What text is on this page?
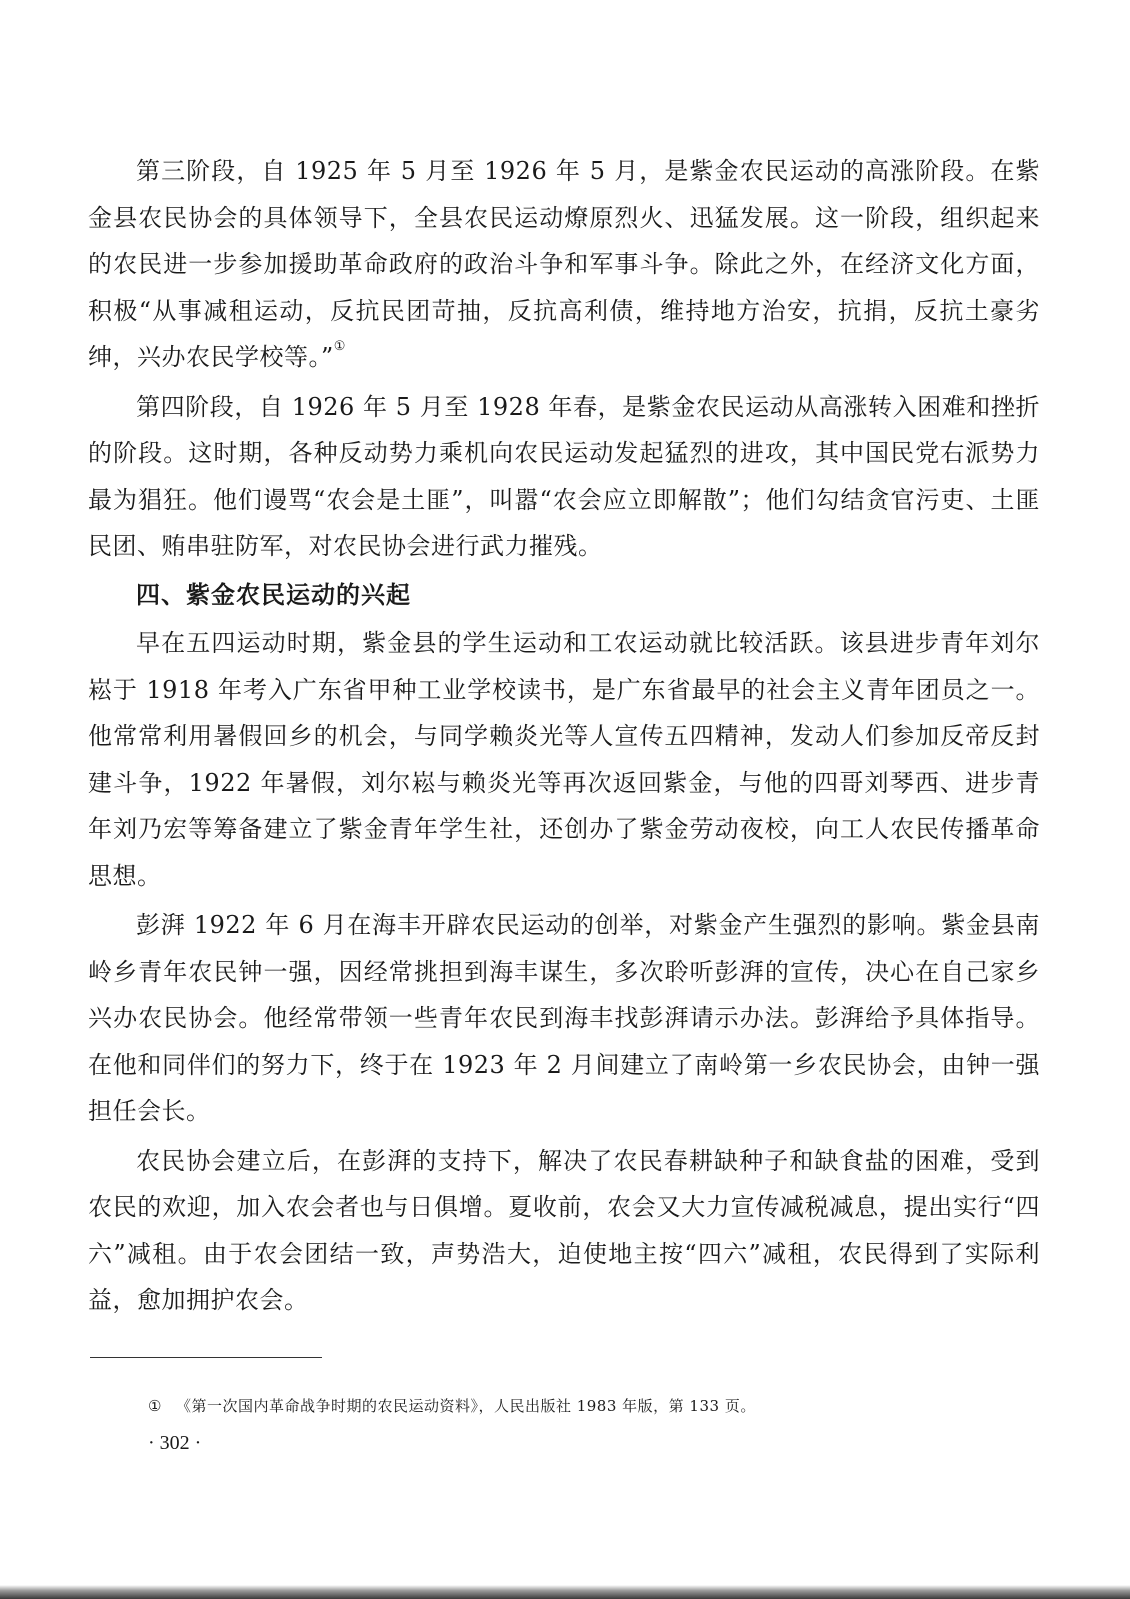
第三阶段，自 1925 年 5 月至 1926 年 5 月，是紫金农民运动的高涨阶段。在紫金县农民协会的具体领导下，全县农民运动燎原烈火、迅猛发展。这一阶段，组织起来的农民进一步参加援助革命政府的政治斗争和军事斗争。除此之外，在经济文化方面，积极“从事减租运动，反抗民团苛抽，反抗高利债，维持地方治安，抗捐，反抗土豪劣绅，兴办农民学校等。”①

第四阶段，自 1926 年 5 月至 1928 年春，是紫金农民运动从高涨转入困难和挫折的阶段。这时期，各种反动势力乘机向农民运动发起猛烈的进攻，其中国民党右派势力最为猖狂。他们谩骂“农会是土匪”，叫嚣“农会应立即解散”；他们勾结贪官污吏、土匪民团、贿串驻防军，对农民协会进行武力摧残。

四、紫金农民运动的兴起

早在五四运动时期，紫金县的学生运动和工农运动就比较活跃。该县进步青年刘尔崧于 1918 年考入广东省甲种工业学校读书，是广东省最早的社会主义青年团员之一。他常常利用暑假回乡的机会，与同学赖炎光等人宣传五四精神，发动人们参加反帝反封建斗争，1922 年暑假，刘尔崧与赖炎光等再次返回紫金，与他的四哥刘琴西、进步青年刘乃宏等筹备建立了紫金青年学生社，还创办了紫金劳动夜校，向工人农民传播革命思想。

彭湃 1922 年 6 月在海丰开辟农民运动的创举，对紫金产生强烈的影响。紫金县南岭乡青年农民钟一强，因经常挑担到海丰谋生，多次聆听彭湃的宣传，决心在自己家乡兴办农民协会。他经常带领一些青年农民到海丰找彭湃请示办法。彭湃给予具体指导。在他和同伴们的努力下，终于在 1923 年 2 月间建立了南岭第一乡农民协会，由钟一强担任会长。

农民协会建立后，在彭湃的支持下，解决了农民春耕缺种子和缺食盐的困难，受到农民的欢迎，加入农会者也与日俱增。夏收前，农会又大力宣传减税减息，提出实行“四六”减租。由于农会团结一致，声势浩大，迫使地主按“四六”减租，农民得到了实际利益，愈加拥护农会。

① 《第一次国内革命战争时期的农民运动资料》，人民出版社 1983 年版，第 133 页。
· 302 ·
